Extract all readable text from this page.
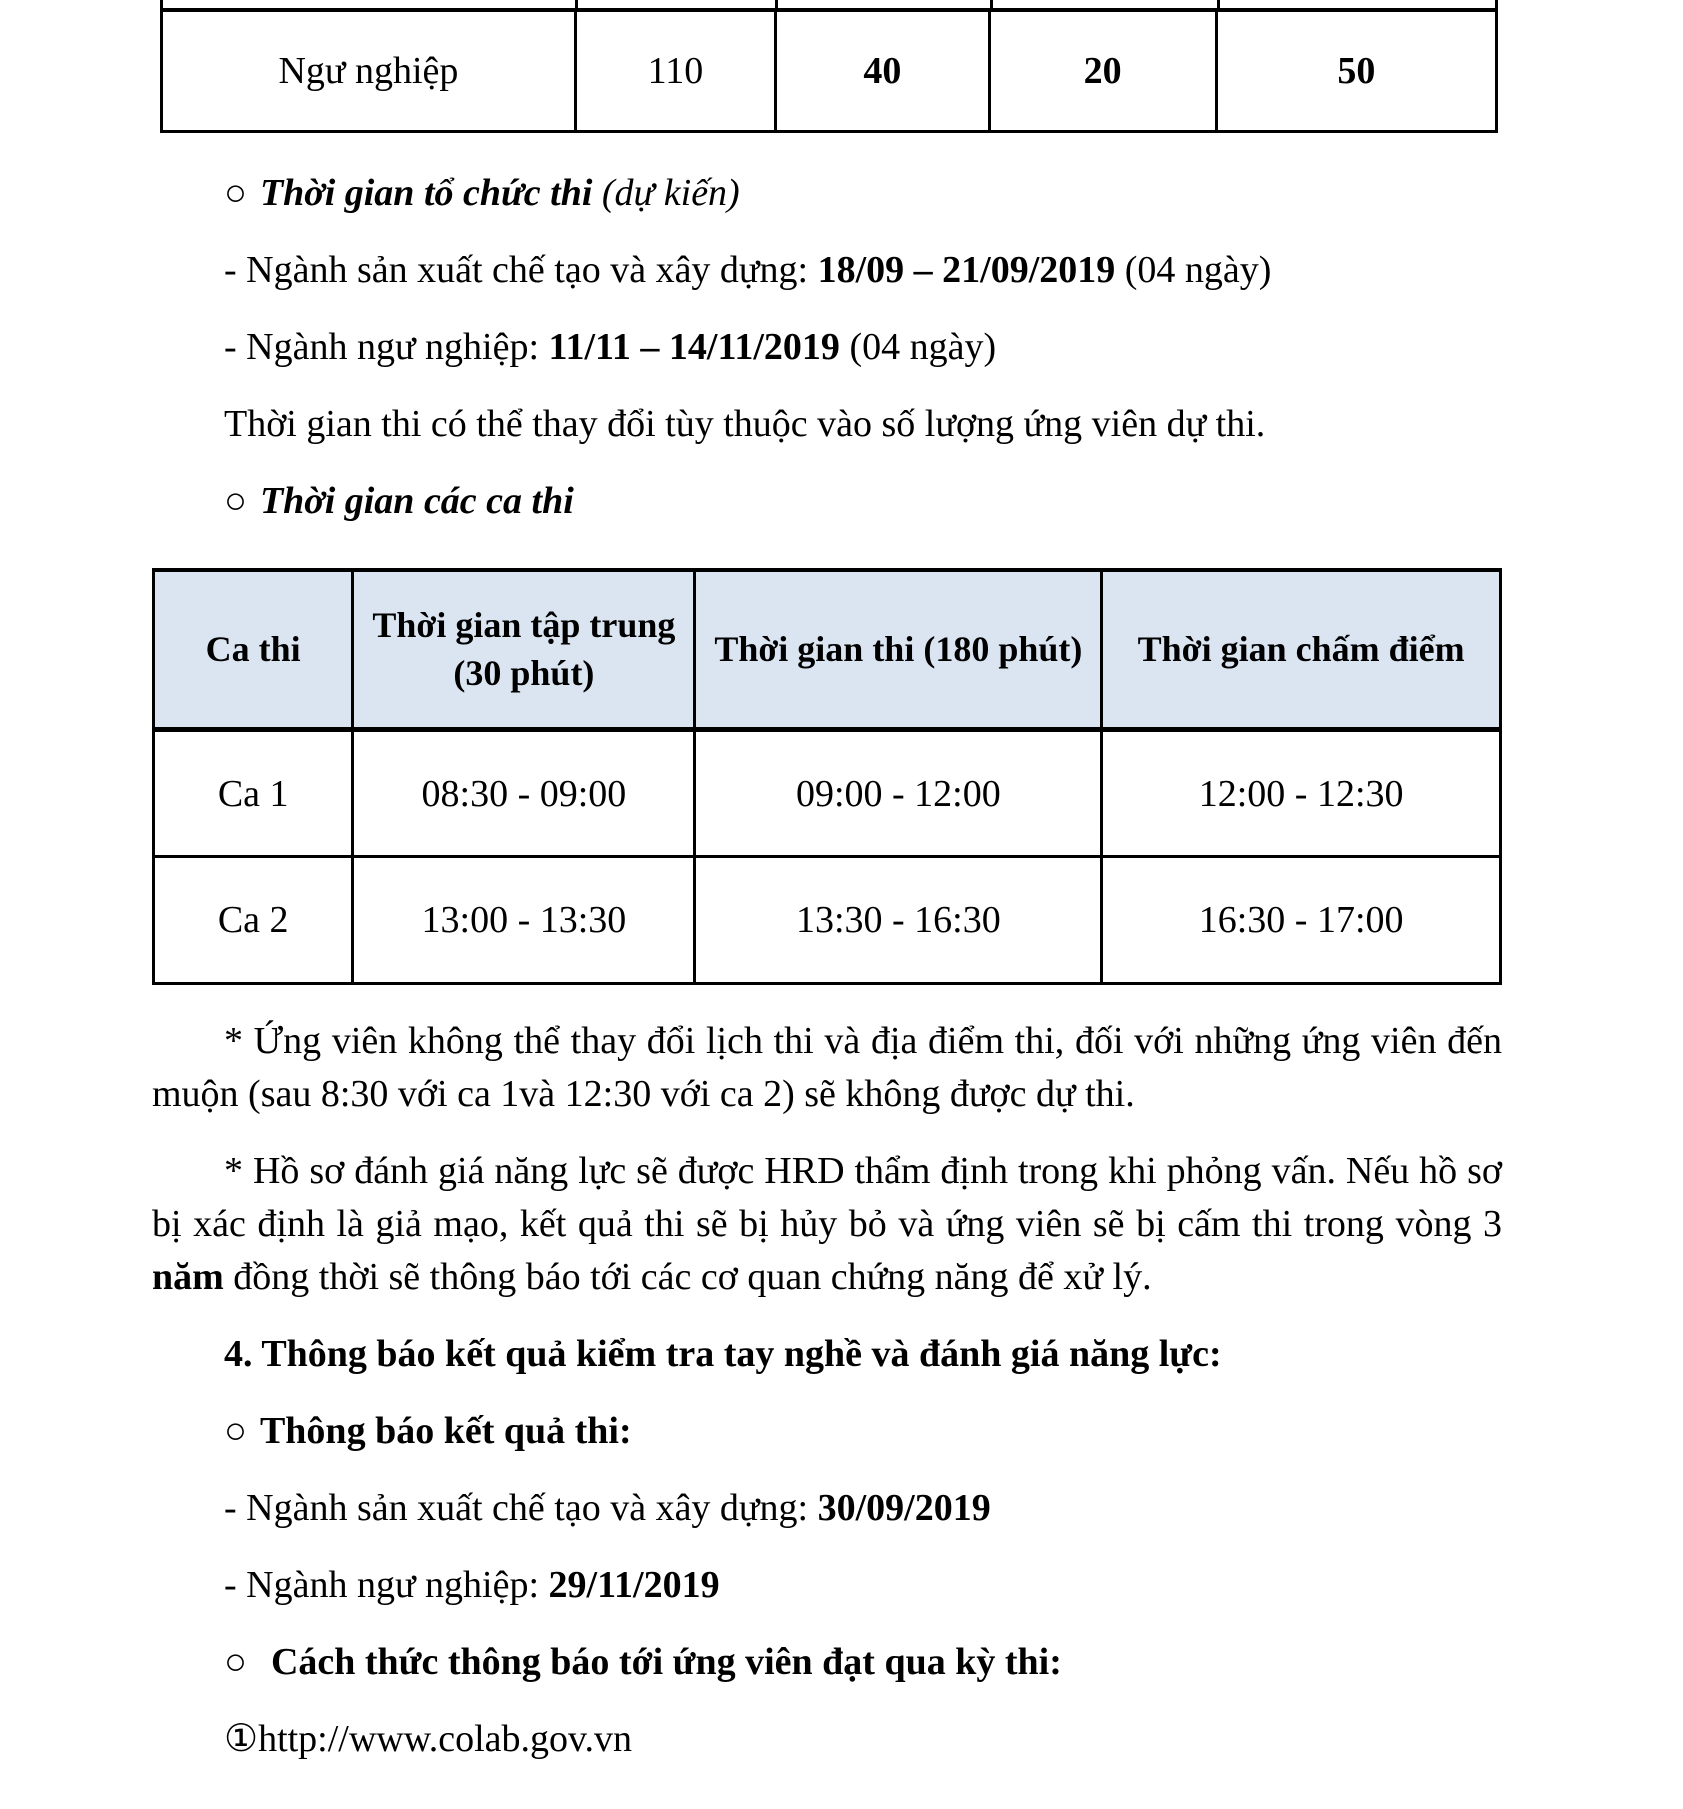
Ngư nghiệp	110	40	20	50

○ Thời gian tổ chức thi (dự kiến)

- Ngành sản xuất chế tạo và xây dựng: 18/09 – 21/09/2019 (04 ngày)

- Ngành ngư nghiệp: 11/11 – 14/11/2019 (04 ngày)

Thời gian thi có thể thay đổi tùy thuộc vào số lượng ứng viên dự thi.

○ Thời gian các ca thi

Ca thi	Thời gian tập trung (30 phút)	Thời gian thi (180 phút)	Thời gian chấm điểm
Ca 1	08:30 - 09:00	09:00 - 12:00	12:00 - 12:30
Ca 2	13:00 - 13:30	13:30 - 16:30	16:30 - 17:00

* Ứng viên không thể thay đổi lịch thi và địa điểm thi, đối với những ứng viên đến muộn (sau 8:30 với ca 1và 12:30 với ca 2) sẽ không được dự thi.

* Hồ sơ đánh giá năng lực sẽ được HRD thẩm định trong khi phỏng vấn. Nếu hồ sơ bị xác định là giả mạo, kết quả thi sẽ bị hủy bỏ và ứng viên sẽ bị cấm thi trong vòng 3 năm đồng thời sẽ thông báo tới các cơ quan chứng năng để xử lý.

4. Thông báo kết quả kiểm tra tay nghề và đánh giá năng lực:

○ Thông báo kết quả thi:

- Ngành sản xuất chế tạo và xây dựng: 30/09/2019

- Ngành ngư nghiệp: 29/11/2019

○ Cách thức thông báo tới ứng viên đạt qua kỳ thi:

①http://www.colab.gov.vn
